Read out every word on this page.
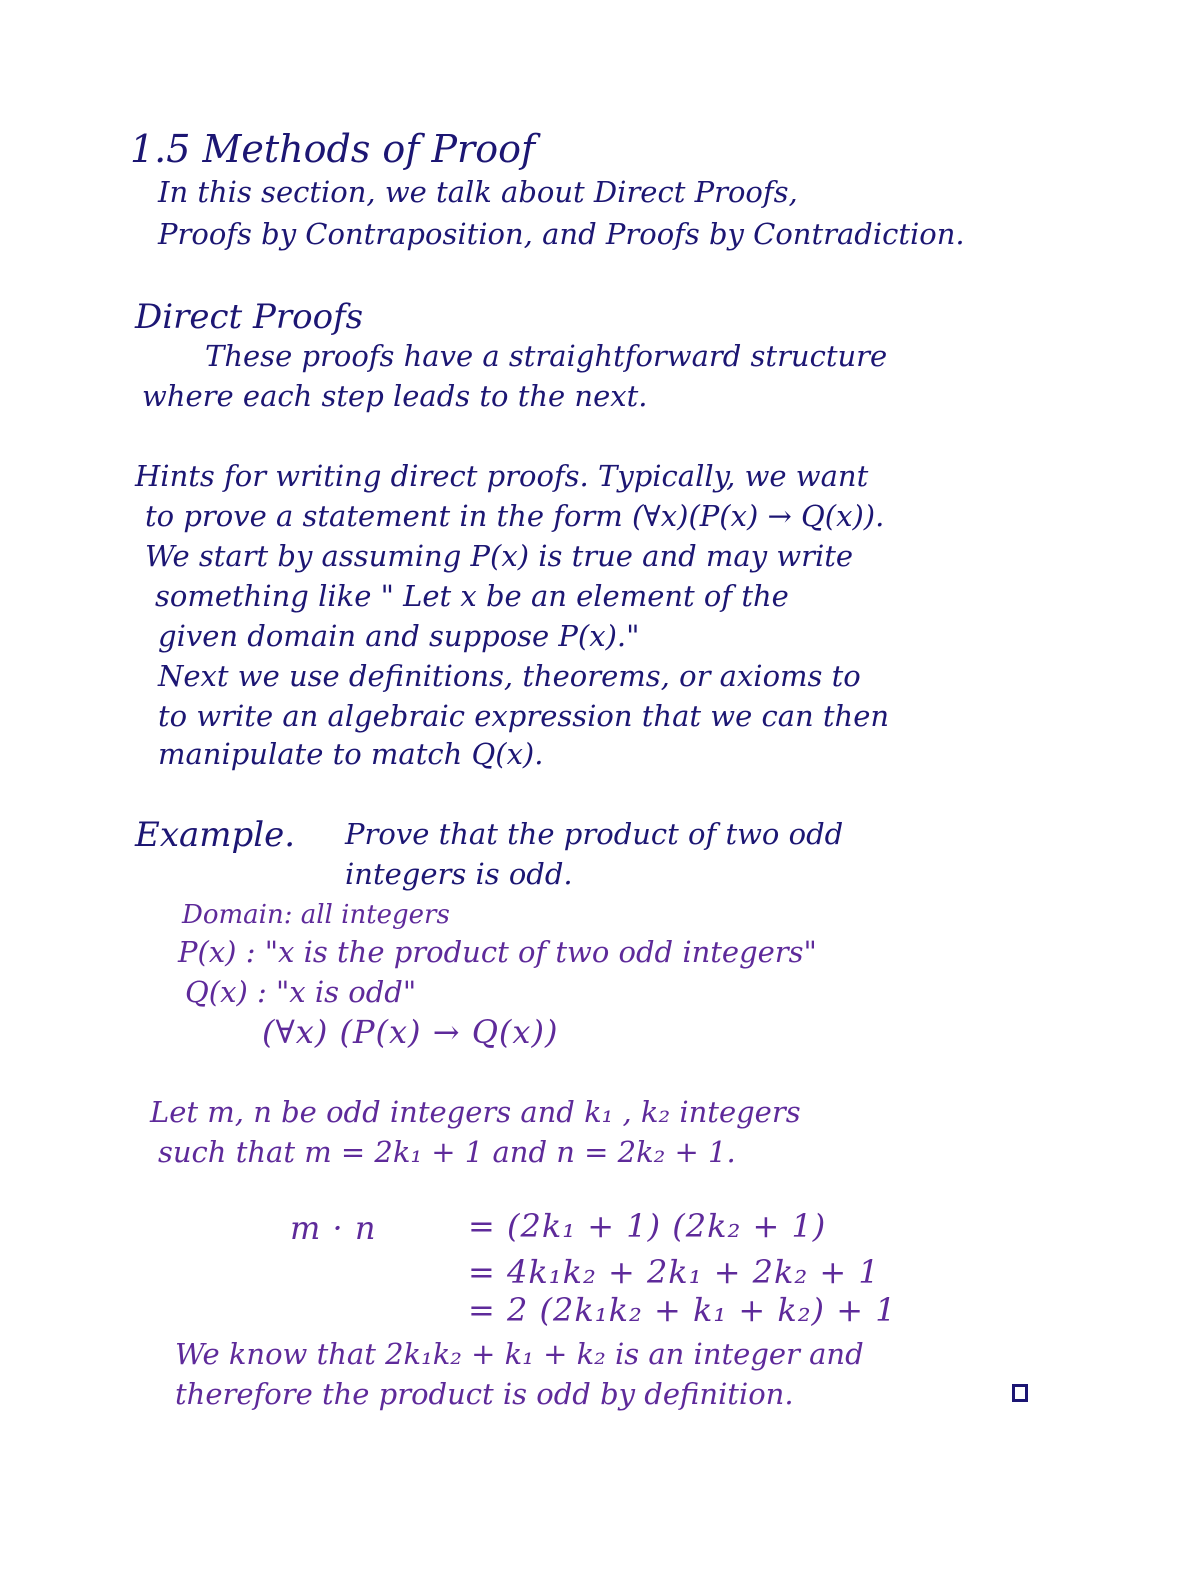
1.5 Methods of Proof
In this section, we talk about Direct Proofs,
Proofs by Contraposition, and Proofs by Contradiction.
Direct Proofs
These proofs have a straightforward structure
where each step leads to the next.
Hints for writing direct proofs. Typically, we want
to prove a statement in the form (∀x)(P(x) → Q(x)).
We start by assuming P(x) is true and may write
something like " Let x be an element of the
given domain and suppose P(x)."
Next we use definitions, theorems, or axioms to
to write an algebraic expression that we can then
manipulate to match Q(x).
Example. Prove that the product of two odd
integers is odd.
Domain: all integers
P(x) : "x is the product of two odd integers"
Q(x) : "x is odd"
(∀x) (P(x) → Q(x))
Let m, n be odd integers and k₁ , k₂ integers
such that m = 2k₁ + 1 and n = 2k₂ + 1.
m · n	= (2k₁ + 1) (2k₂ + 1)
= 4k₁k₂ + 2k₁ + 2k₂ + 1
= 2 (2k₁k₂ + k₁ + k₂) + 1
We know that 2k₁k₂ + k₁ + k₂ is an integer and
therefore the product is odd by definition.
